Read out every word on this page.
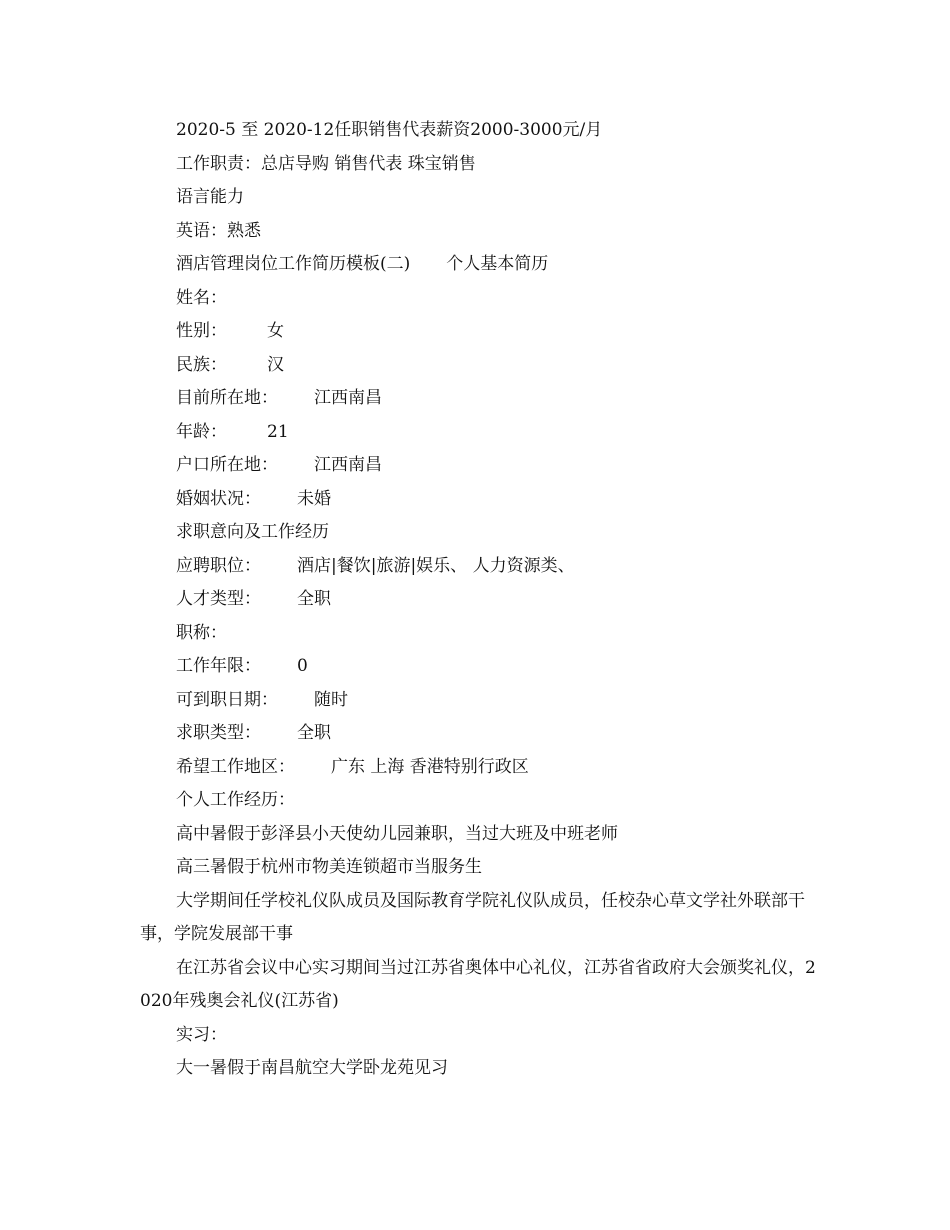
2020-5 至 2020-12任职销售代表薪资2000-3000元/月
工作职责：总店导购 销售代表 珠宝销售
语言能力
英语：熟悉
酒店管理岗位工作简历模板(二) 个人基本简历
姓名：
性别： 女
民族： 汉
目前所在地： 江西南昌
年龄： 21
户口所在地： 江西南昌
婚姻状况： 未婚
求职意向及工作经历
应聘职位： 酒店|餐饮|旅游|娱乐、 人力资源类、
人才类型： 全职
职称：
工作年限： 0
可到职日期： 随时
求职类型： 全职
希望工作地区： 广东 上海 香港特别行政区
个人工作经历：
高中暑假于彭泽县小天使幼儿园兼职，当过大班及中班老师
高三暑假于杭州市物美连锁超市当服务生

大学期间任学校礼仪队成员及国际教育学院礼仪队成员，任校杂心草文学社外联部干事，学院发展部干事

在江苏省会议中心实习期间当过江苏省奥体中心礼仪，江苏省省政府大会颁奖礼仪，2020年残奥会礼仪(江苏省)

实习：
大一暑假于南昌航空大学卧龙苑见习
